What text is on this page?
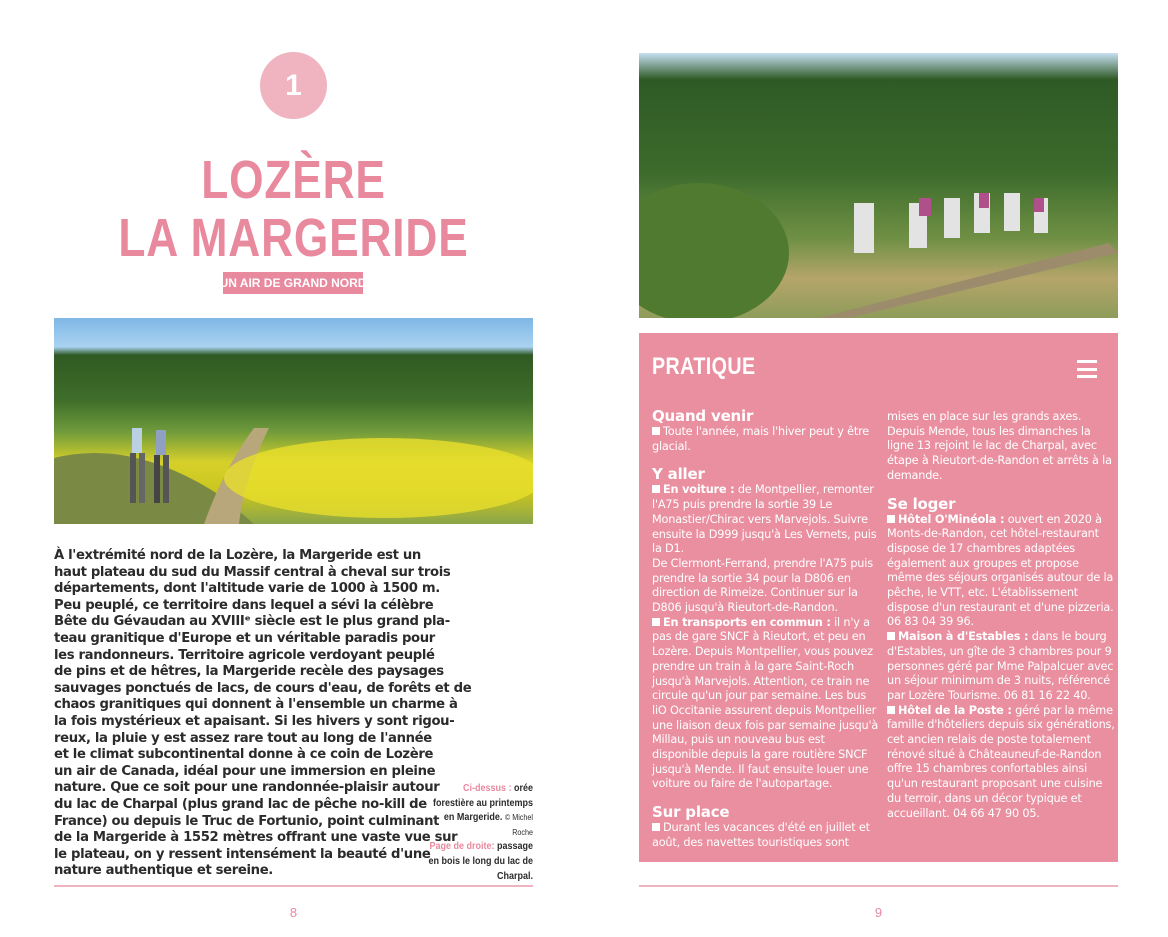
1
LOZÈRE
LA MARGERIDE
UN AIR DE GRAND NORD
À l'extrémité nord de la Lozère, la Margeride est un
haut plateau du sud du Massif central à cheval sur trois
départements, dont l'altitude varie de 1000 à 1500 m.
Peu peuplé, ce territoire dans lequel a sévi la célèbre
Bête du Gévaudan au XVIIIᵉ siècle est le plus grand pla-
teau granitique d'Europe et un véritable paradis pour
les randonneurs. Territoire agricole verdoyant peuplé
de pins et de hêtres, la Margeride recèle des paysages
sauvages ponctués de lacs, de cours d'eau, de forêts et de
chaos granitiques qui donnent à l'ensemble un charme à
la fois mystérieux et apaisant. Si les hivers y sont rigou-
reux, la pluie y est assez rare tout au long de l'année
et le climat subcontinental donne à ce coin de Lozère
un air de Canada, idéal pour une immersion en pleine
nature. Que ce soit pour une randonnée-plaisir autour
du lac de Charpal (plus grand lac de pêche no-kill de
France) ou depuis le Truc de Fortunio, point culminant
de la Margeride à 1552 mètres offrant une vaste vue sur
le plateau, on y ressent intensément la beauté d'une
nature authentique et sereine.
Ci-dessus : orée forestière au printemps en Margeride. © Michel Roche
Page de droite: passage en bois le long du lac de Charpal.
8
PRATIQUE
Quand venir

Toute l'année, mais l'hiver peut y être glacial.

Y aller

En voiture : de Montpellier, remonter l'A75 puis prendre la sortie 39 Le Monastier/Chirac vers Marvejols. Suivre ensuite la D999 jusqu'à Les Vernets, puis la D1.

De Clermont-Ferrand, prendre l'A75 puis prendre la sortie 34 pour la D806 en direction de Rimeize. Continuer sur la D806 jusqu'à Rieutort-de-Randon.

En transports en commun : il n'y a pas de gare SNCF à Rieutort, et peu en Lozère. Depuis Montpellier, vous pouvez prendre un train à la gare Saint-Roch jusqu'à Marvejols. Attention, ce train ne circule qu'un jour par semaine. Les bus liO Occitanie assurent depuis Montpellier une liaison deux fois par semaine jusqu'à Millau, puis un nouveau bus est disponible depuis la gare routière SNCF jusqu'à Mende. Il faut ensuite louer une voiture ou faire de l'autopartage.

Sur place

Durant les vacances d'été en juillet et août, des navettes touristiques sont

mises en place sur les grands axes. Depuis Mende, tous les dimanches la ligne 13 rejoint le lac de Charpal, avec étape à Rieutort-de-Randon et arrêts à la demande.

Se loger

Hôtel O'Minéola : ouvert en 2020 à Monts-de-Randon, cet hôtel-restaurant dispose de 17 chambres adaptées également aux groupes et propose même des séjours organisés autour de la pêche, le VTT, etc. L'établissement dispose d'un restaurant et d'une pizzeria. 06 83 04 39 96.

Maison à d'Estables : dans le bourg d'Estables, un gîte de 3 chambres pour 9 personnes géré par Mme Palpalcuer avec un séjour minimum de 3 nuits, référencé par Lozère Tourisme. 06 81 16 22 40.

Hôtel de la Poste : géré par la même famille d'hôteliers depuis six générations, cet ancien relais de poste totalement rénové situé à Châteauneuf-de-Randon offre 15 chambres confortables ainsi qu'un restaurant proposant une cuisine du terroir, dans un décor typique et accueillant. 04 66 47 90 05.

9
